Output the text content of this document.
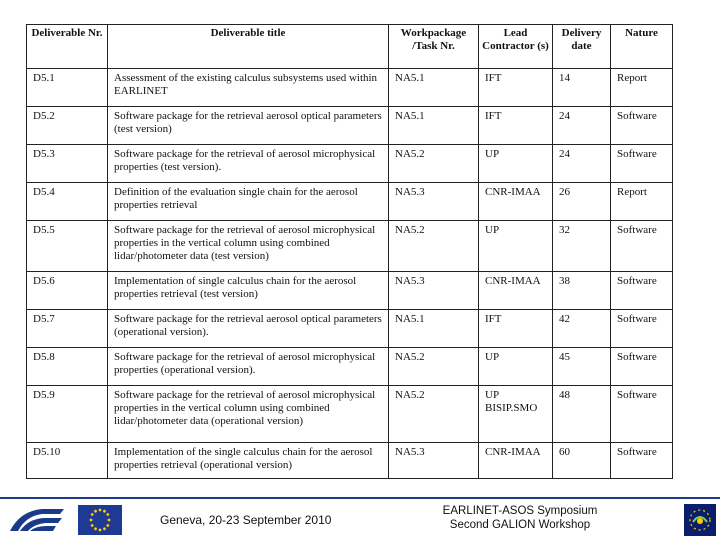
Deliverable Nr.	Deliverable title	Workpackage /Task Nr.	Lead Contractor (s)	Delivery date	Nature
D5.1	Assessment of the existing calculus subsystems used within EARLINET	NA5.1	IFT	14	Report
D5.2	Software package for the retrieval aerosol optical parameters (test version)	NA5.1	IFT	24	Software
D5.3	Software package for the retrieval of aerosol microphysical properties (test version).	NA5.2	UP	24	Software
D5.4	Definition of the evaluation single chain for the aerosol properties retrieval	NA5.3	CNR-IMAA	26	Report
D5.5	Software package for the retrieval of aerosol microphysical properties in the vertical column using combined lidar/photometer data (test version)	NA5.2	UP	32	Software
D5.6	Implementation of single calculus chain for the aerosol properties retrieval (test version)	NA5.3	CNR-IMAA	38	Software
D5.7	Software package for the retrieval aerosol optical parameters (operational version).	NA5.1	IFT	42	Software
D5.8	Software package for the retrieval of aerosol microphysical properties (operational version).	NA5.2	UP	45	Software
D5.9	Software package for the retrieval of aerosol microphysical properties in the vertical column using combined lidar/photometer data (operational version)	NA5.2	UP BISIP.SMO	48	Software
D5.10	Implementation of the single calculus chain for the aerosol properties retrieval (operational version)	NA5.3	CNR-IMAA	60	Software
Geneva, 20-23 September 2010
EARLINET-ASOS Symposium
Second GALION Workshop
